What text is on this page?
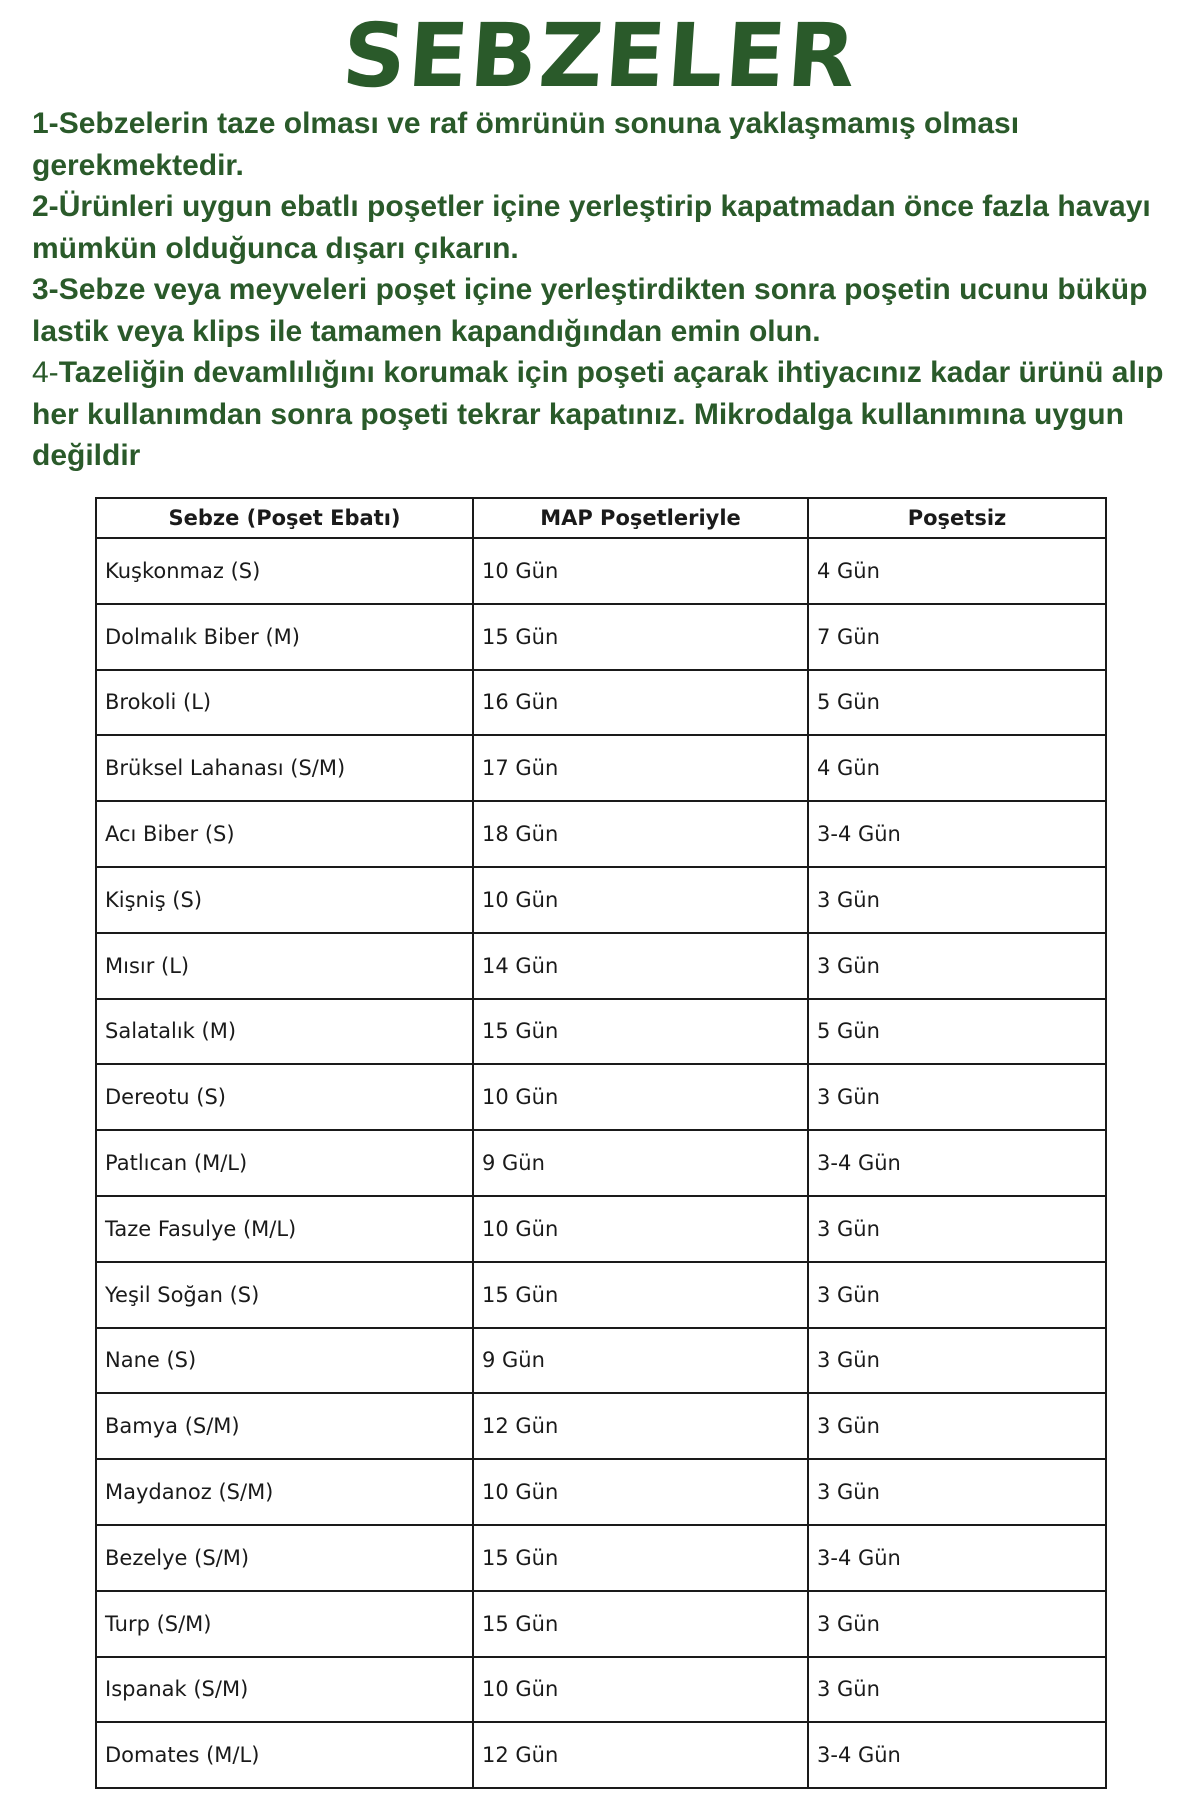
SEBZELER

1-Sebzelerin taze olması ve raf ömrünün sonuna yaklaşmamış olması gerekmektedir.

2-Ürünleri uygun ebatlı poşetler içine yerleştirip kapatmadan önce fazla havayı mümkün olduğunca dışarı çıkarın.

3-Sebze veya meyveleri poşet içine yerleştirdikten sonra poşetin ucunu büküp lastik veya klips ile tamamen kapandığından emin olun.

4-Tazeliğin devamlılığını korumak için poşeti açarak ihtiyacınız kadar ürünü alıp her kullanımdan sonra poşeti tekrar kapatınız. Mikrodalga kullanımına uygun değildir

Sebze (Poşet Ebatı)	MAP Poşetleriyle	Poşetsiz
Kuşkonmaz (S)	10 Gün	4 Gün
Dolmalık Biber (M)	15 Gün	7 Gün
Brokoli (L)	16 Gün	5 Gün
Brüksel Lahanası (S/M)	17 Gün	4 Gün
Acı Biber (S)	18 Gün	3-4 Gün
Kişniş (S)	10 Gün	3 Gün
Mısır (L)	14 Gün	3 Gün
Salatalık (M)	15 Gün	5 Gün
Dereotu (S)	10 Gün	3 Gün
Patlıcan (M/L)	9 Gün	3-4 Gün
Taze Fasulye (M/L)	10 Gün	3 Gün
Yeşil Soğan (S)	15 Gün	3 Gün
Nane (S)	9 Gün	3 Gün
Bamya (S/M)	12 Gün	3 Gün
Maydanoz (S/M)	10 Gün	3 Gün
Bezelye (S/M)	15 Gün	3-4 Gün
Turp (S/M)	15 Gün	3 Gün
Ispanak (S/M)	10 Gün	3 Gün
Domates (M/L)	12 Gün	3-4 Gün
